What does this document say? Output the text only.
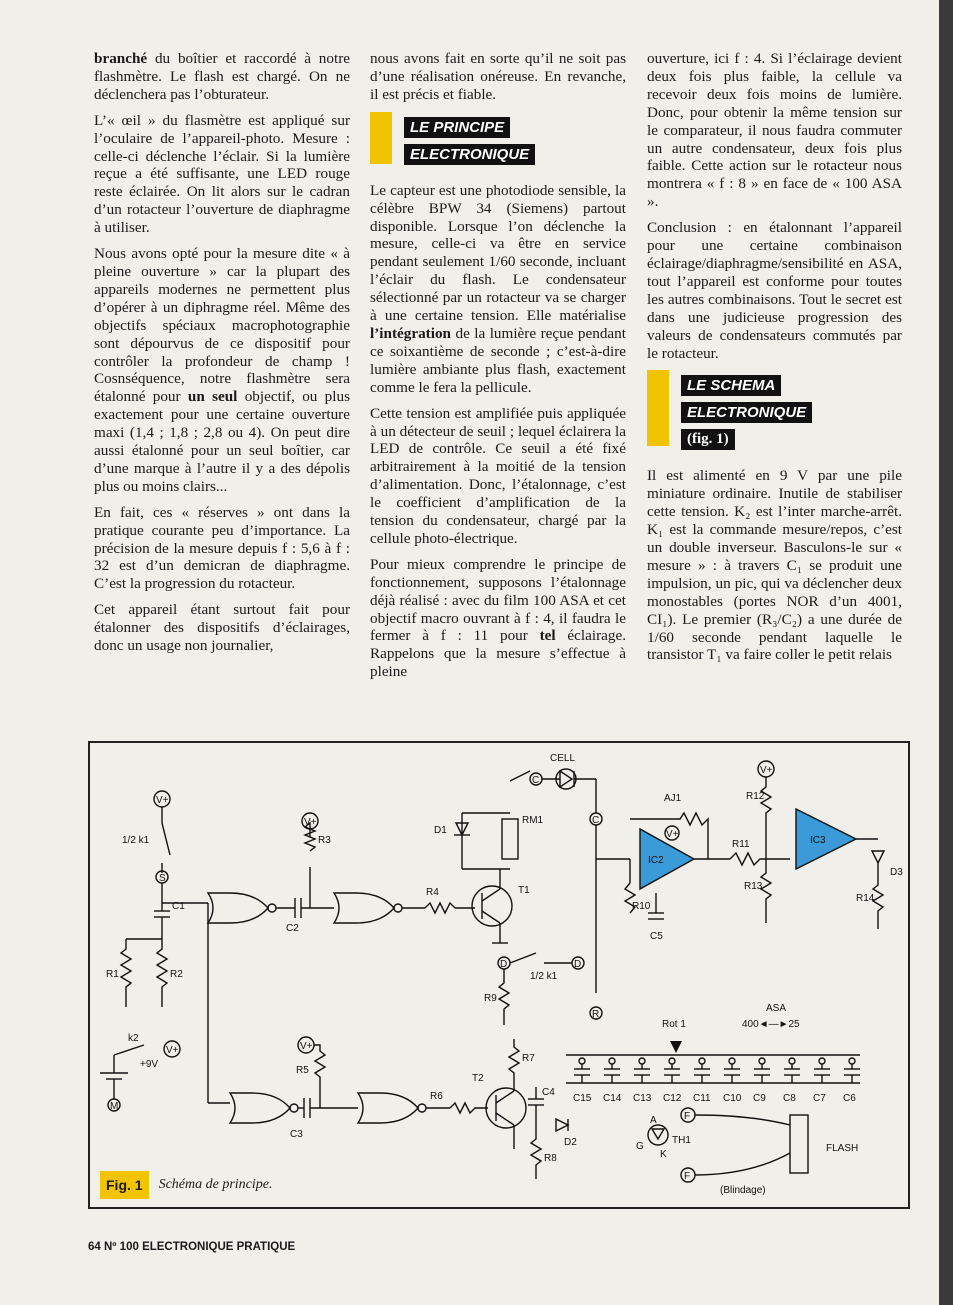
branché du boîtier et raccordé à notre flashmètre. Le flash est chargé. On ne déclenchera pas l’obturateur.

L’« œil » du flasmètre est appliqué sur l’oculaire de l’appareil-photo. Mesure : celle-ci déclenche l’éclair. Si la lumière reçue a été suffisante, une LED rouge reste éclairée. On lit alors sur le cadran d’un rotacteur l’ouverture de diaphragme à utiliser.

Nous avons opté pour la mesure dite « à pleine ouverture » car la plupart des appareils modernes ne permettent plus d’opérer à un diphragme réel. Même des objectifs spéciaux macrophotographie sont dépourvus de ce dispositif pour contrôler la profondeur de champ ! Cosnséquence, notre flashmètre sera étalonné pour un seul objectif, ou plus exactement pour une certaine ouverture maxi (1,4 ; 1,8 ; 2,8 ou 4). On peut dire aussi étalonné pour un seul boîtier, car d’une marque à l’autre il y a des dépolis plus ou moins clairs...

En fait, ces « réserves » ont dans la pratique courante peu d’importance. La précision de la mesure depuis f : 5,6 à f : 32 est d’un demicran de diaphragme. C’est la progression du rotacteur.

Cet appareil étant surtout fait pour étalonner des dispositifs d’éclairages, donc un usage non journalier,

nous avons fait en sorte qu’il ne soit pas d’une réalisation onéreuse. En revanche, il est précis et fiable.

LE PRINCIPE
ELECTRONIQUE

Le capteur est une photodiode sensible, la célèbre BPW 34 (Siemens) partout disponible. Lorsque l’on déclenche la mesure, celle-ci va être en service pendant seulement 1/60 seconde, incluant l’éclair du flash. Le condensateur sélectionné par un rotacteur va se charger à une certaine tension. Elle matérialise l’intégration de la lumière reçue pendant ce soixantième de seconde ; c’est-à-dire lumière ambiante plus flash, exactement comme le fera la pellicule.

Cette tension est amplifiée puis appliquée à un détecteur de seuil ; lequel éclairera la LED de contrôle. Ce seuil a été fixé arbitrairement à la moitié de la tension d’alimentation. Donc, l’étalonnage, c’est le coefficient d’amplification de la tension du condensateur, chargé par la cellule photo-électrique.

Pour mieux comprendre le principe de fonctionnement, supposons l’étalonnage déjà réalisé : avec du film 100 ASA et cet objectif macro ouvrant à f : 4, il faudra le fermer à f : 11 pour tel éclairage. Rappelons que la mesure s’effectue à pleine

ouverture, ici f : 4. Si l’éclairage devient deux fois plus faible, la cellule va recevoir deux fois moins de lumière. Donc, pour obtenir la même tension sur le comparateur, il nous faudra commuter un autre condensateur, deux fois plus faible. Cette action sur le rotacteur nous montrera « f : 8 » en face de « 100 ASA ».

Conclusion : en étalonnant l’appareil pour une certaine combinaison éclairage/diaphragme/sensibilité en ASA, tout l’appareil est conforme pour toutes les autres combinaisons. Tout le secret est dans une judicieuse progression des valeurs de condensateurs commutés par le rotacteur.

LE SCHEMA
ELECTRONIQUE
(fig. 1)

Il est alimenté en 9 V par une pile miniature ordinaire. Inutile de stabiliser cette tension. K₂ est l’inter marche-arrêt. K₁ est la commande mesure/repos, c’est un double inverseur. Basculons-le sur « mesure » : à travers C₁ se produit une impulsion, un pic, qui va déclencher deux monostables (portes NOR d’un 4001, CI₁). Le premier (R₃/C₂) a une durée de 1/60 seconde pendant laquelle le transistor T₁ va faire coller le petit relais

V+
1/2 k1
S
C1
R1	R2
C2
R3
V+
R4	T1
RM1
D1
C
CELL
C
IC2
AJ1
V+
R10
C5
R11
V+
R12
R13
IC3
D3
R14
D	D
1/2 k1
R9
R
Rot 1
ASA
400◄—►25
C15 C14 C13 C12 C11 C10 C9 C8 C7 C6
k2
V+
+9V
M
C3
V+
R5
R6
T2
R7
C4
D2
R8
A
G
K
TH1
F
F
FLASH
(Blindage)
Fig. 1	Schéma de principe.
64 Nº 100 ELECTRONIQUE PRATIQUE
